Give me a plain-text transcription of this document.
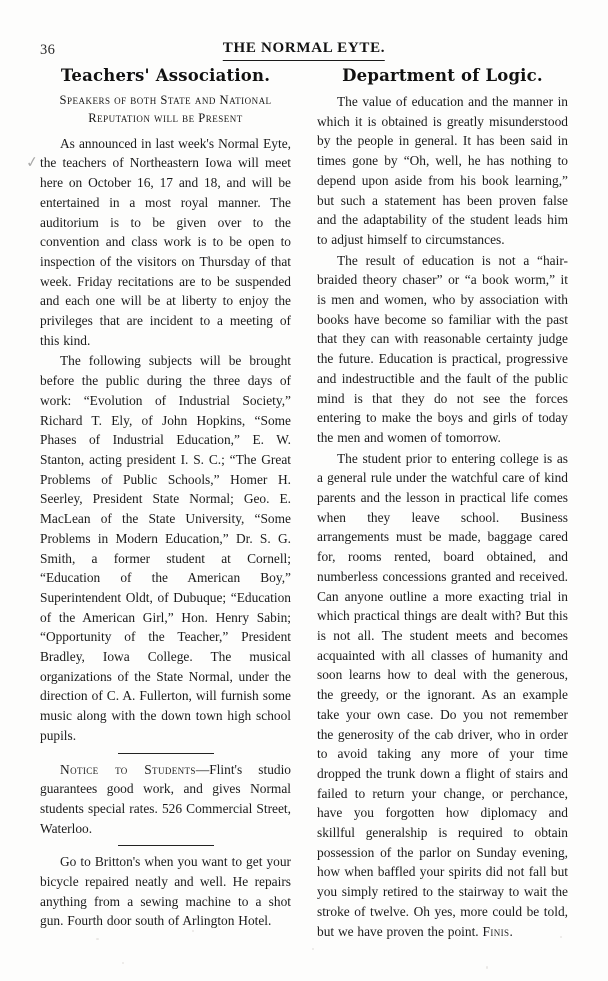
36	THE NORMAL EYTE.
✓
Teachers' Association.
Speakers of both State and National Reputation will be Present

As announced in last week's Normal Eyte, the teachers of Northeastern Iowa will meet here on October 16, 17 and 18, and will be entertained in a most royal manner. The auditorium is to be given over to the convention and class work is to be open to inspection of the visitors on Thursday of that week. Friday recitations are to be suspended and each one will be at liberty to enjoy the privileges that are incident to a meeting of this kind.

The following subjects will be brought before the public during the three days of work: “Evolution of Industrial Society,” Richard T. Ely, of John Hopkins, “Some Phases of Industrial Education,” E. W. Stanton, acting president I. S. C.; “The Great Problems of Public Schools,” Homer H. Seerley, President State Normal; Geo. E. MacLean of the State University, “Some Problems in Modern Education,” Dr. S. G. Smith, a former student at Cornell; “Education of the American Boy,” Superintendent Oldt, of Dubuque; “Education of the American Girl,” Hon. Henry Sabin; “Opportunity of the Teacher,” President Bradley, Iowa College. The musical organizations of the State Normal, under the direction of C. A. Fullerton, will furnish some music along with the down town high school pupils.

Notice to Students—Flint's studio guarantees good work, and gives Normal students special rates. 526 Commercial Street, Waterloo.

Go to Britton's when you want to get your bicycle repaired neatly and well. He repairs anything from a sewing machine to a shot gun. Fourth door south of Arlington Hotel.

Department of Logic.

The value of education and the manner in which it is obtained is greatly misunderstood by the people in general. It has been said in times gone by “Oh, well, he has nothing to depend upon aside from his book learning,” but such a statement has been proven false and the adaptability of the student leads him to adjust himself to circumstances.

The result of education is not a “hair-braided theory chaser” or “a book worm,” it is men and women, who by association with books have become so familiar with the past that they can with reasonable certainty judge the future. Education is practical, progressive and indestructible and the fault of the public mind is that they do not see the forces entering to make the boys and girls of today the men and women of tomorrow.

The student prior to entering college is as a general rule under the watchful care of kind parents and the lesson in practical life comes when they leave school. Business arrangements must be made, baggage cared for, rooms rented, board obtained, and numberless concessions granted and received. Can anyone outline a more exacting trial in which practical things are dealt with? But this is not all. The student meets and becomes acquainted with all classes of humanity and soon learns how to deal with the generous, the greedy, or the ignorant. As an example take your own case. Do you not remember the generosity of the cab driver, who in order to avoid taking any more of your time dropped the trunk down a flight of stairs and failed to return your change, or perchance, have you forgotten how diplomacy and skillful generalship is required to obtain possession of the parlor on Sunday evening, how when baffled your spirits did not fall but you simply retired to the stairway to wait the stroke of twelve. Oh yes, more could be told, but we have proven the point. Finis.
